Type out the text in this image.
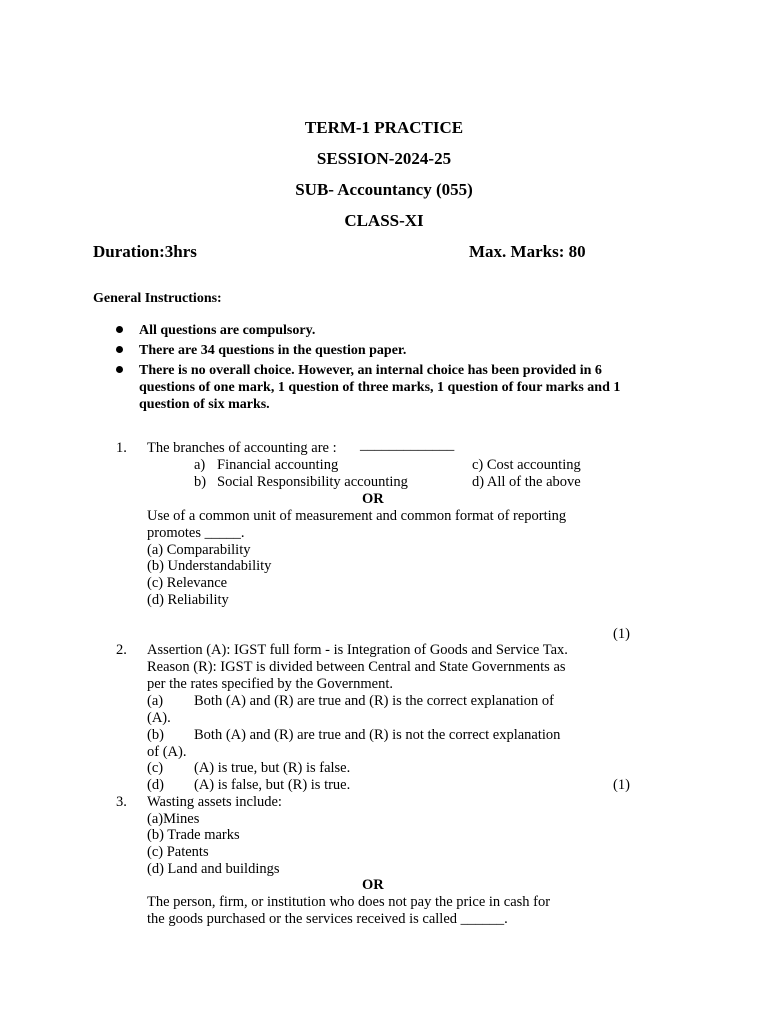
TERM-1 PRACTICE
SESSION-2024-25
SUB- Accountancy (055)
CLASS-XI
Duration:3hrs	Max. Marks: 80
General Instructions:
All questions are compulsory.
There are 34 questions in the question paper.
There is no overall choice. However, an internal choice has been provided in 6
questions of one mark, 1 question of three marks, 1 question of four marks and 1
question of six marks.
1. The branches of accounting are : _____________
a) Financial accounting	c) Cost accounting
b) Social Responsibility accounting	d) All of the above
OR
Use of a common unit of measurement and common format of reporting
promotes _____.
(a) Comparability
(b) Understandability
(c) Relevance
(d) Reliability
(1)
2. Assertion (A): IGST full form - is Integration of Goods and Service Tax.
Reason (R): IGST is divided between Central and State Governments as
per the rates specified by the Government.
(a) Both (A) and (R) are true and (R) is the correct explanation of
(A).
(b) Both (A) and (R) are true and (R) is not the correct explanation
of (A).
(c) (A) is true, but (R) is false.
(d) (A) is false, but (R) is true.	(1)
3. Wasting assets include:
(a)Mines
(b) Trade marks
(c) Patents
(d) Land and buildings
OR
The person, firm, or institution who does not pay the price in cash for
the goods purchased or the services received is called ______.
